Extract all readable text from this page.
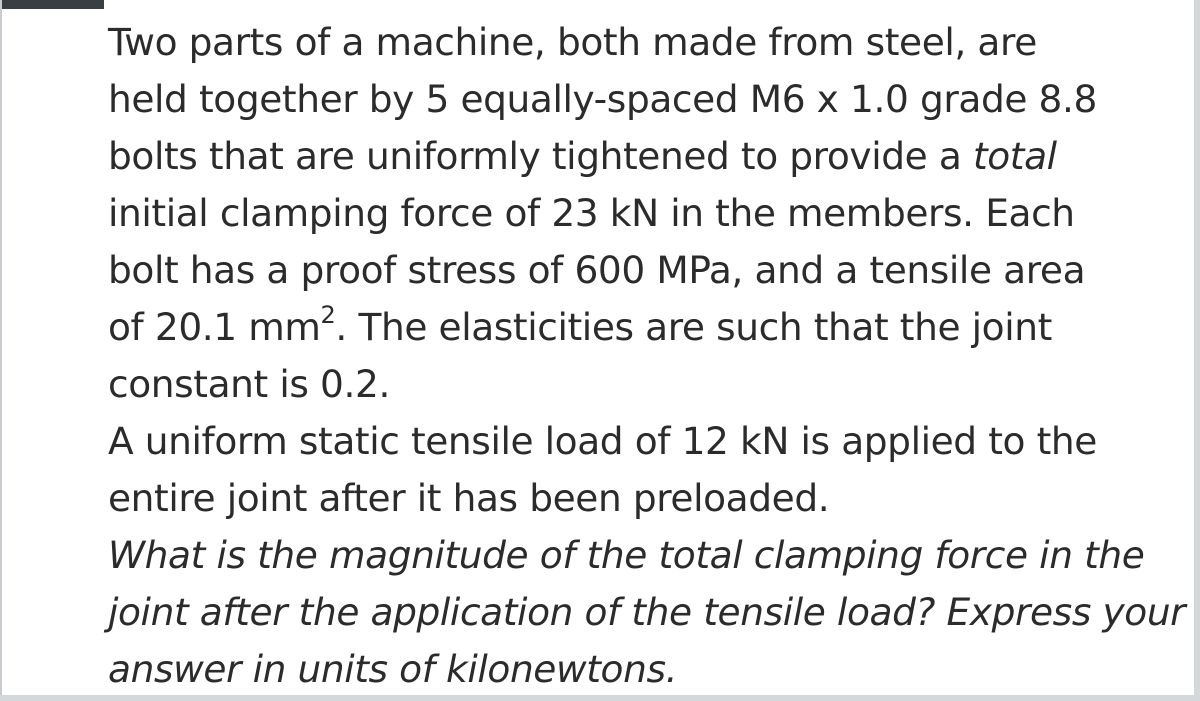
Two parts of a machine, both made from steel, are
held together by 5 equally-spaced M6 x 1.0 grade 8.8
bolts that are uniformly tightened to provide a total
initial clamping force of 23 kN in the members. Each
bolt has a proof stress of 600 MPa, and a tensile area
of 20.1 $mm^2$. The elasticities are such that the joint
constant is 0.2.
A uniform static tensile load of 12 kN is applied to the
entire joint after it has been preloaded.
What is the magnitude of the total clamping force in the
joint after the application of the tensile load? Express your
answer in units of kilonewtons.
